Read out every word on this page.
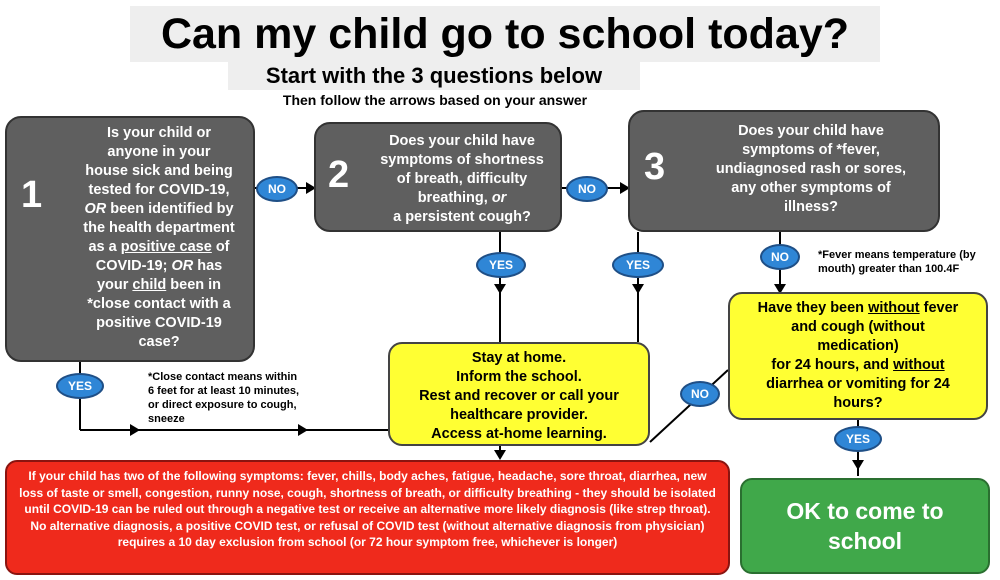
Can my child go to school today?
Start with the 3 questions below
Then follow the arrows based on your answer
1
Is your child or
anyone in your
house sick and being
tested for COVID-19,
OR been identified by
the health department
as a positive case of
COVID-19; OR has
your child been in
*close contact with a
positive COVID-19
case?
2
Does your child have
symptoms of shortness
of breath, difficulty
breathing, or
a persistent cough?
3
Does your child have
symptoms of *fever,
undiagnosed rash or sores,
any other symptoms of
illness?
NO	NO
YES	YES
NO
YES
NO
YES
*Fever means temperature (by
mouth) greater than 100.4F
*Close contact means within
6 feet for at least 10 minutes,
or direct exposure to cough,
sneeze
Stay at home.
Inform the school.
Rest and recover or call your
healthcare provider.
Access at-home learning.
Have they been without fever
and cough (without
medication)
for 24 hours, and without
diarrhea or vomiting for 24
hours?
If your child has two of the following symptoms: fever, chills, body aches, fatigue, headache, sore throat, diarrhea, new loss of taste or smell, congestion, runny nose, cough, shortness of breath, or difficulty breathing - they should be isolated until COVID-19 can be ruled out through a negative test or receive an alternative more likely diagnosis (like strep throat). No alternative diagnosis, a positive COVID test, or refusal of COVID test (without alternative diagnosis from physician) requires a 10 day exclusion from school (or 72 hour symptom free, whichever is longer)
OK to come to
school
